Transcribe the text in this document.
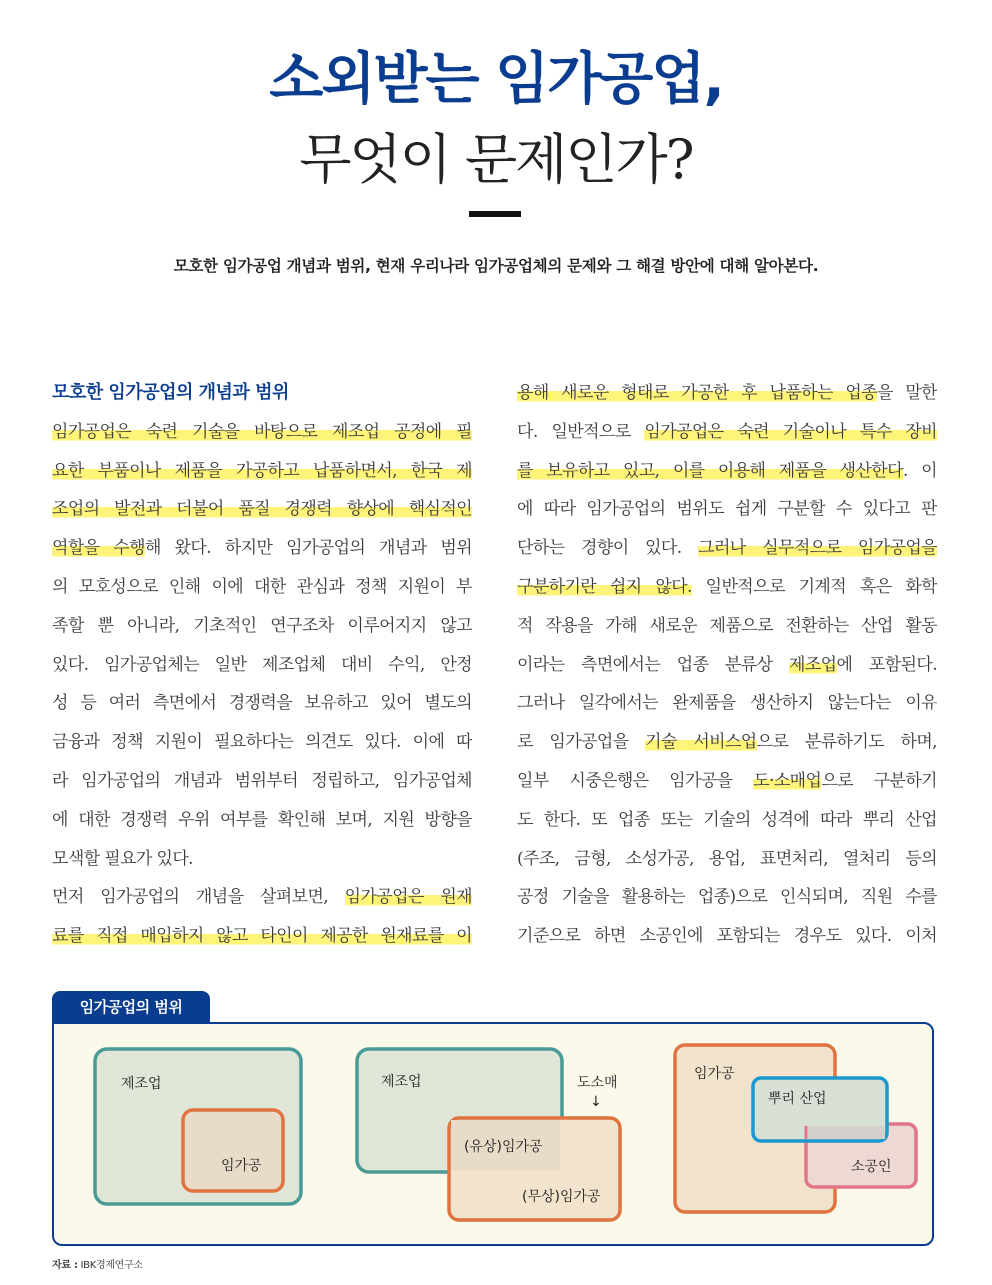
소외받는 임가공업,
무엇이 문제인가?
모호한 임가공업 개념과 범위, 현재 우리나라 임가공업체의 문제와 그 해결 방안에 대해 알아본다.
모호한 임가공업의 개념과 범위
임가공업은 숙련 기술을 바탕으로 제조업 공정에 필
요한 부품이나 제품을 가공하고 납품하면서, 한국 제
조업의 발전과 더불어 품질 경쟁력 향상에 핵심적인
역할을 수행해 왔다. 하지만 임가공업의 개념과 범위
의 모호성으로 인해 이에 대한 관심과 정책 지원이 부
족할 뿐 아니라, 기초적인 연구조차 이루어지지 않고
있다. 임가공업체는 일반 제조업체 대비 수익, 안정
성 등 여러 측면에서 경쟁력을 보유하고 있어 별도의
금융과 정책 지원이 필요하다는 의견도 있다. 이에 따
라 임가공업의 개념과 범위부터 정립하고, 임가공업체
에 대한 경쟁력 우위 여부를 확인해 보며, 지원 방향을
모색할 필요가 있다.
먼저 임가공업의 개념을 살펴보면, 임가공업은 원재
료를 직접 매입하지 않고 타인이 제공한 원재료를 이
용해 새로운 형태로 가공한 후 납품하는 업종을 말한
다. 일반적으로 임가공업은 숙련 기술이나 특수 장비
를 보유하고 있고, 이를 이용해 제품을 생산한다. 이
에 따라 임가공업의 범위도 쉽게 구분할 수 있다고 판
단하는 경향이 있다. 그러나 실무적으로 임가공업을
구분하기란 쉽지 않다. 일반적으로 기계적 혹은 화학
적 작용을 가해 새로운 제품으로 전환하는 산업 활동
이라는 측면에서는 업종 분류상 제조업에 포함된다.
그러나 일각에서는 완제품을 생산하지 않는다는 이유
로 임가공업을 기술 서비스업으로 분류하기도 하며,
일부 시중은행은 임가공을 도·소매업으로 구분하기
도 한다. 또 업종 또는 기술의 성격에 따라 뿌리 산업
(주조, 금형, 소성가공, 용업, 표면처리, 열처리 등의
공정 기술을 활용하는 업종)으로 인식되며, 직원 수를
기준으로 하면 소공인에 포함되는 경우도 있다. 이처
임가공업의 범위
제조업
임가공
제조업	도소매
↓
(유상)임가공
(무상)임가공
임가공
뿌리 산업
소공인
자료 : IBK경제연구소
